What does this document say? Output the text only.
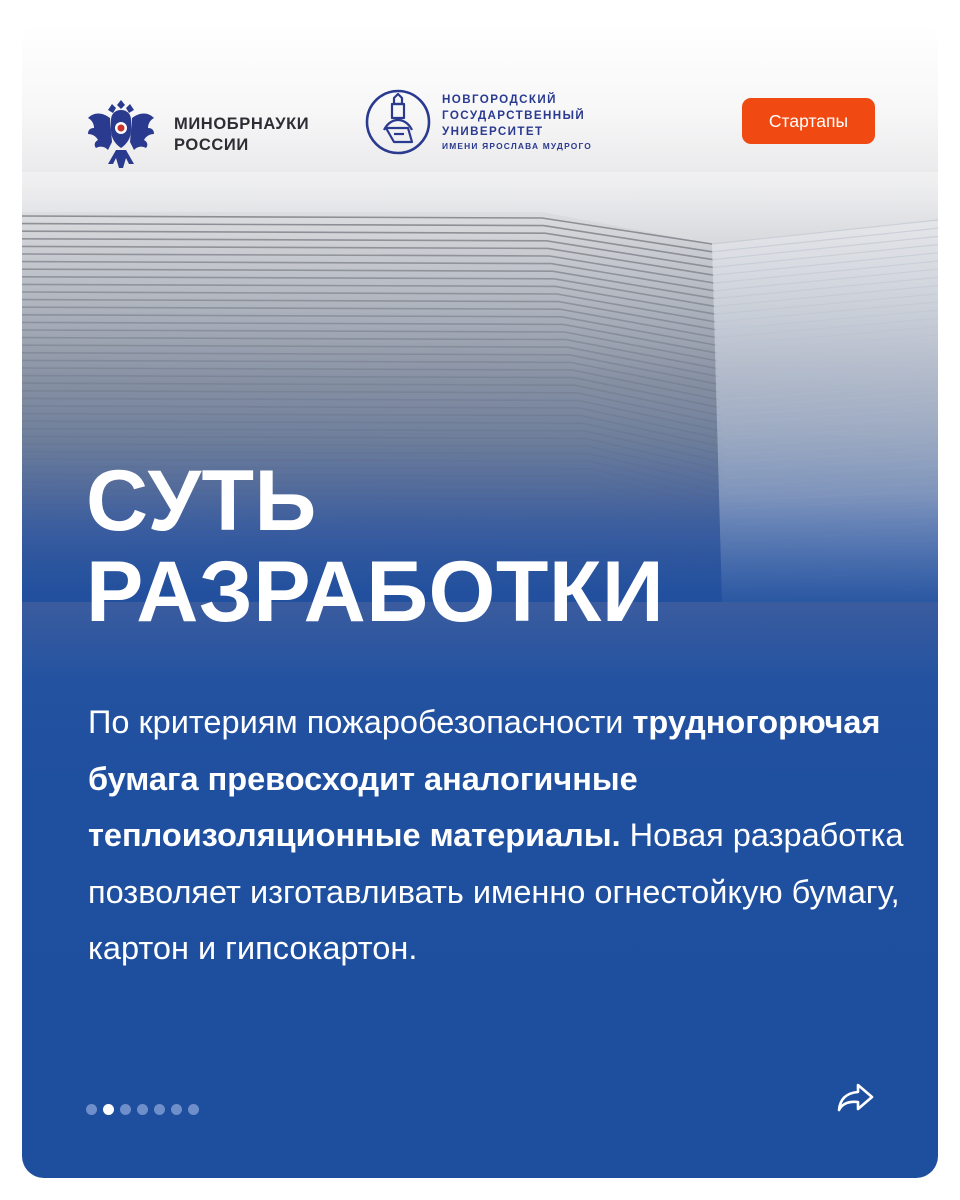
МИНОБРНАУКИ
РОССИИ
НОВГОРОДСКИЙ
ГОСУДАРСТВЕННЫЙ
УНИВЕРСИТЕТ
ИМЕНИ ЯРОСЛАВА МУДРОГО
Стартапы
СУТЬ
РАЗРАБОТКИ

По критериям пожаробезопасности трудногорючая бумага превосходит аналогичные теплоизоляционные материалы. Новая разработка позволяет изготавливать именно огнестойкую бумагу, картон и гипсокартон.
